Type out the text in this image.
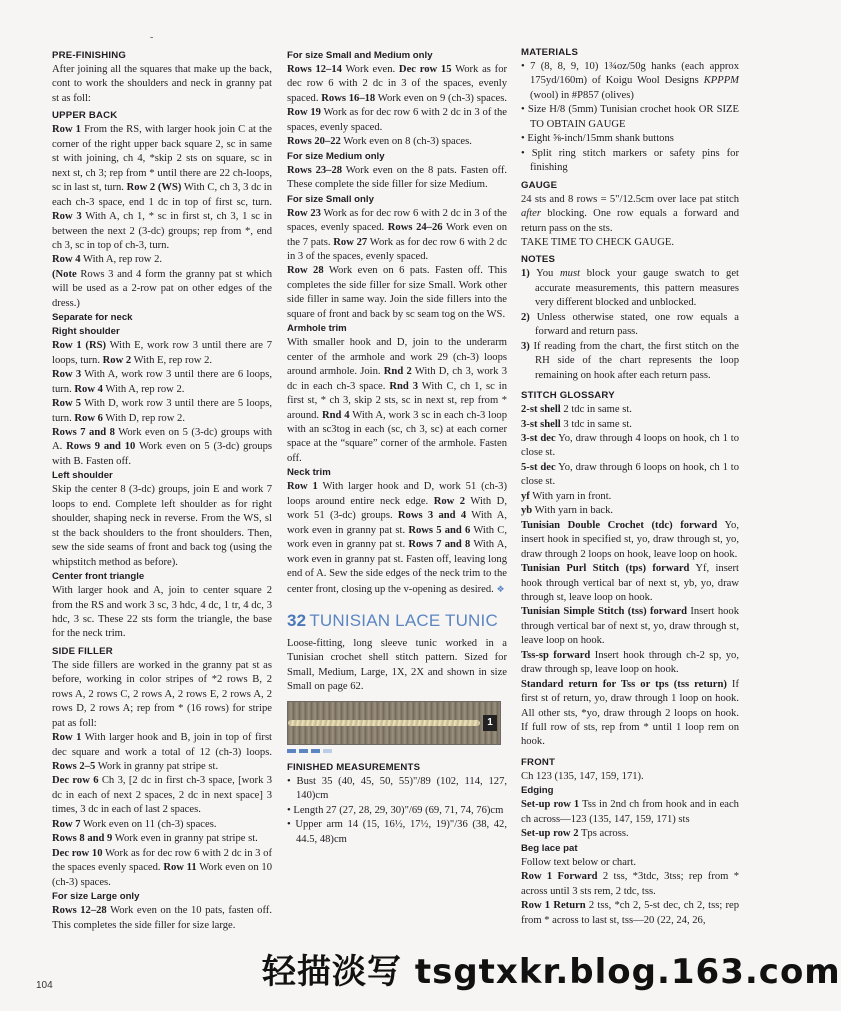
-
PRE-FINISHING

After joining all the squares that make up the back, cont to work the shoulders and neck in granny pat st as foll:

UPPER BACK

Row 1 From the RS, with larger hook join C at the corner of the right upper back square 2, sc in same st with joining, ch 4, *skip 2 sts on square, sc in next st, ch 3; rep from * until there are 22 ch-loops, sc in last st, turn. Row 2 (WS) With C, ch 3, 3 dc in each ch-3 space, end 1 dc in top of first sc, turn. Row 3 With A, ch 1, * sc in first st, ch 3, 1 sc in between the next 2 (3-dc) groups; rep from *, end ch 3, sc in top of ch-3, turn.

Row 4 With A, rep row 2.

(Note Rows 3 and 4 form the granny pat st which will be used as a 2-row pat on other edges of the dress.)

Separate for neck
Right shoulder

Row 1 (RS) With E, work row 3 until there are 7 loops, turn. Row 2 With E, rep row 2.

Row 3 With A, work row 3 until there are 6 loops, turn. Row 4 With A, rep row 2.

Row 5 With D, work row 3 until there are 5 loops, turn. Row 6 With D, rep row 2.

Rows 7 and 8 Work even on 5 (3-dc) groups with A. Rows 9 and 10 Work even on 5 (3-dc) groups with B. Fasten off.

Left shoulder

Skip the center 8 (3-dc) groups, join E and work 7 loops to end. Complete left shoulder as for right shoulder, shaping neck in reverse. From the WS, sl st the back shoulders to the front shoulders. Then, sew the side seams of front and back tog (using the whipstitch method as before).

Center front triangle

With larger hook and A, join to center square 2 from the RS and work 3 sc, 3 hdc, 4 dc, 1 tr, 4 dc, 3 hdc, 3 sc. These 22 sts form the triangle, the base for the neck trim.

SIDE FILLER

The side fillers are worked in the granny pat st as before, working in color stripes of *2 rows B, 2 rows A, 2 rows C, 2 rows A, 2 rows E, 2 rows A, 2 rows D, 2 rows A; rep from * (16 rows) for stripe pat as foll:

Row 1 With larger hook and B, join in top of first dec square and work a total of 12 (ch-3) loops. Rows 2–5 Work in granny pat stripe st.

Dec row 6 Ch 3, [2 dc in first ch-3 space, [work 3 dc in each of next 2 spaces, 2 dc in next space] 3 times, 3 dc in each of last 2 spaces.

Row 7 Work even on 11 (ch-3) spaces.

Rows 8 and 9 Work even in granny pat stripe st.

Dec row 10 Work as for dec row 6 with 2 dc in 3 of the spaces evenly spaced. Row 11 Work even on 10 (ch-3) spaces.

For size Large only

Rows 12–28 Work even on the 10 pats, fasten off. This completes the side filler for size large.

For size Small and Medium only

Rows 12–14 Work even. Dec row 15 Work as for dec row 6 with 2 dc in 3 of the spaces, evenly spaced. Rows 16–18 Work even on 9 (ch-3) spaces. Row 19 Work as for dec row 6 with 2 dc in 3 of the spaces, evenly spaced.

Rows 20–22 Work even on 8 (ch-3) spaces.

For size Medium only

Rows 23–28 Work even on the 8 pats. Fasten off. These complete the side filler for size Medium.

For size Small only

Row 23 Work as for dec row 6 with 2 dc in 3 of the spaces, evenly spaced. Rows 24–26 Work even on the 7 pats. Row 27 Work as for dec row 6 with 2 dc in 3 of the spaces, evenly spaced.

Row 28 Work even on 6 pats. Fasten off. This completes the side filler for size Small. Work other side filler in same way. Join the side fillers into the square of front and back by sc seam tog on the WS.

Armhole trim

With smaller hook and D, join to the underarm center of the armhole and work 29 (ch-3) loops around armhole. Join. Rnd 2 With D, ch 3, work 3 dc in each ch-3 space. Rnd 3 With C, ch 1, sc in first st, * ch 3, skip 2 sts, sc in next st, rep from * around. Rnd 4 With A, work 3 sc in each ch-3 loop with an sc3tog in each (sc, ch 3, sc) at each corner space at the “square” corner of the armhole. Fasten off.

Neck trim

Row 1 With larger hook and D, work 51 (ch-3) loops around entire neck edge. Row 2 With D, work 51 (3-dc) groups. Rows 3 and 4 With A, work even in granny pat st. Rows 5 and 6 With C, work even in granny pat st. Rows 7 and 8 With A, work even in granny pat st. Fasten off, leaving long end of A. Sew the side edges of the neck trim to the center front, closing up the v-opening as desired. ❖

32 TUNISIAN LACE TUNIC

Loose-fitting, long sleeve tunic worked in a Tunisian crochet shell stitch pattern. Sized for Small, Medium, Large, 1X, 2X and shown in size Small on page 62.

1
FINISHED MEASUREMENTS

• Bust 35 (40, 45, 50, 55)"/89 (102, 114, 127, 140)cm

• Length 27 (27, 28, 29, 30)"/69 (69, 71, 74, 76)cm

• Upper arm 14 (15, 16½, 17½, 19)"/36 (38, 42, 44.5, 48)cm

MATERIALS

• 7 (8, 8, 9, 10) 1¾oz/50g hanks (each approx 175yd/160m) of Koigu Wool Designs KPPPM (wool) in #P857 (olives)

• Size H/8 (5mm) Tunisian crochet hook OR SIZE TO OBTAIN GAUGE

• Eight ⅝-inch/15mm shank buttons

• Split ring stitch markers or safety pins for finishing

GAUGE

24 sts and 8 rows = 5"/12.5cm over lace pat stitch after blocking. One row equals a forward and return pass on the sts.

TAKE TIME TO CHECK GAUGE.

NOTES

1) You must block your gauge swatch to get accurate measurements, this pattern measures very different blocked and unblocked.

2) Unless otherwise stated, one row equals a forward and return pass.

3) If reading from the chart, the first stitch on the RH side of the chart represents the loop remaining on hook after each return pass.

STITCH GLOSSARY

2-st shell 2 tdc in same st.

3-st shell 3 tdc in same st.

3-st dec Yo, draw through 4 loops on hook, ch 1 to close st.

5-st dec Yo, draw through 6 loops on hook, ch 1 to close st.

yf With yarn in front.

yb With yarn in back.

Tunisian Double Crochet (tdc) forward Yo, insert hook in specified st, yo, draw through st, yo, draw through 2 loops on hook, leave loop on hook.

Tunisian Purl Stitch (tps) forward Yf, insert hook through vertical bar of next st, yb, yo, draw through st, leave loop on hook.

Tunisian Simple Stitch (tss) forward Insert hook through vertical bar of next st, yo, draw through st, leave loop on hook.

Tss-sp forward Insert hook through ch-2 sp, yo, draw through sp, leave loop on hook.

Standard return for Tss or tps (tss return) If first st of return, yo, draw through 1 loop on hook. All other sts, *yo, draw through 2 loops on hook. If full row of sts, rep from * until 1 loop rem on hook.

FRONT

Ch 123 (135, 147, 159, 171).

Edging

Set-up row 1 Tss in 2nd ch from hook and in each ch across—123 (135, 147, 159, 171) sts

Set-up row 2 Tps across.

Beg lace pat

Follow text below or chart.

Row 1 Forward 2 tss, *3tdc, 3tss; rep from * across until 3 sts rem, 2 tdc, tss.

Row 1 Return 2 tss, *ch 2, 5-st dec, ch 2, tss; rep from * across to last st, tss—20 (22, 24, 26,

轻描淡写 tsgtxkr.blog.163.com
104
